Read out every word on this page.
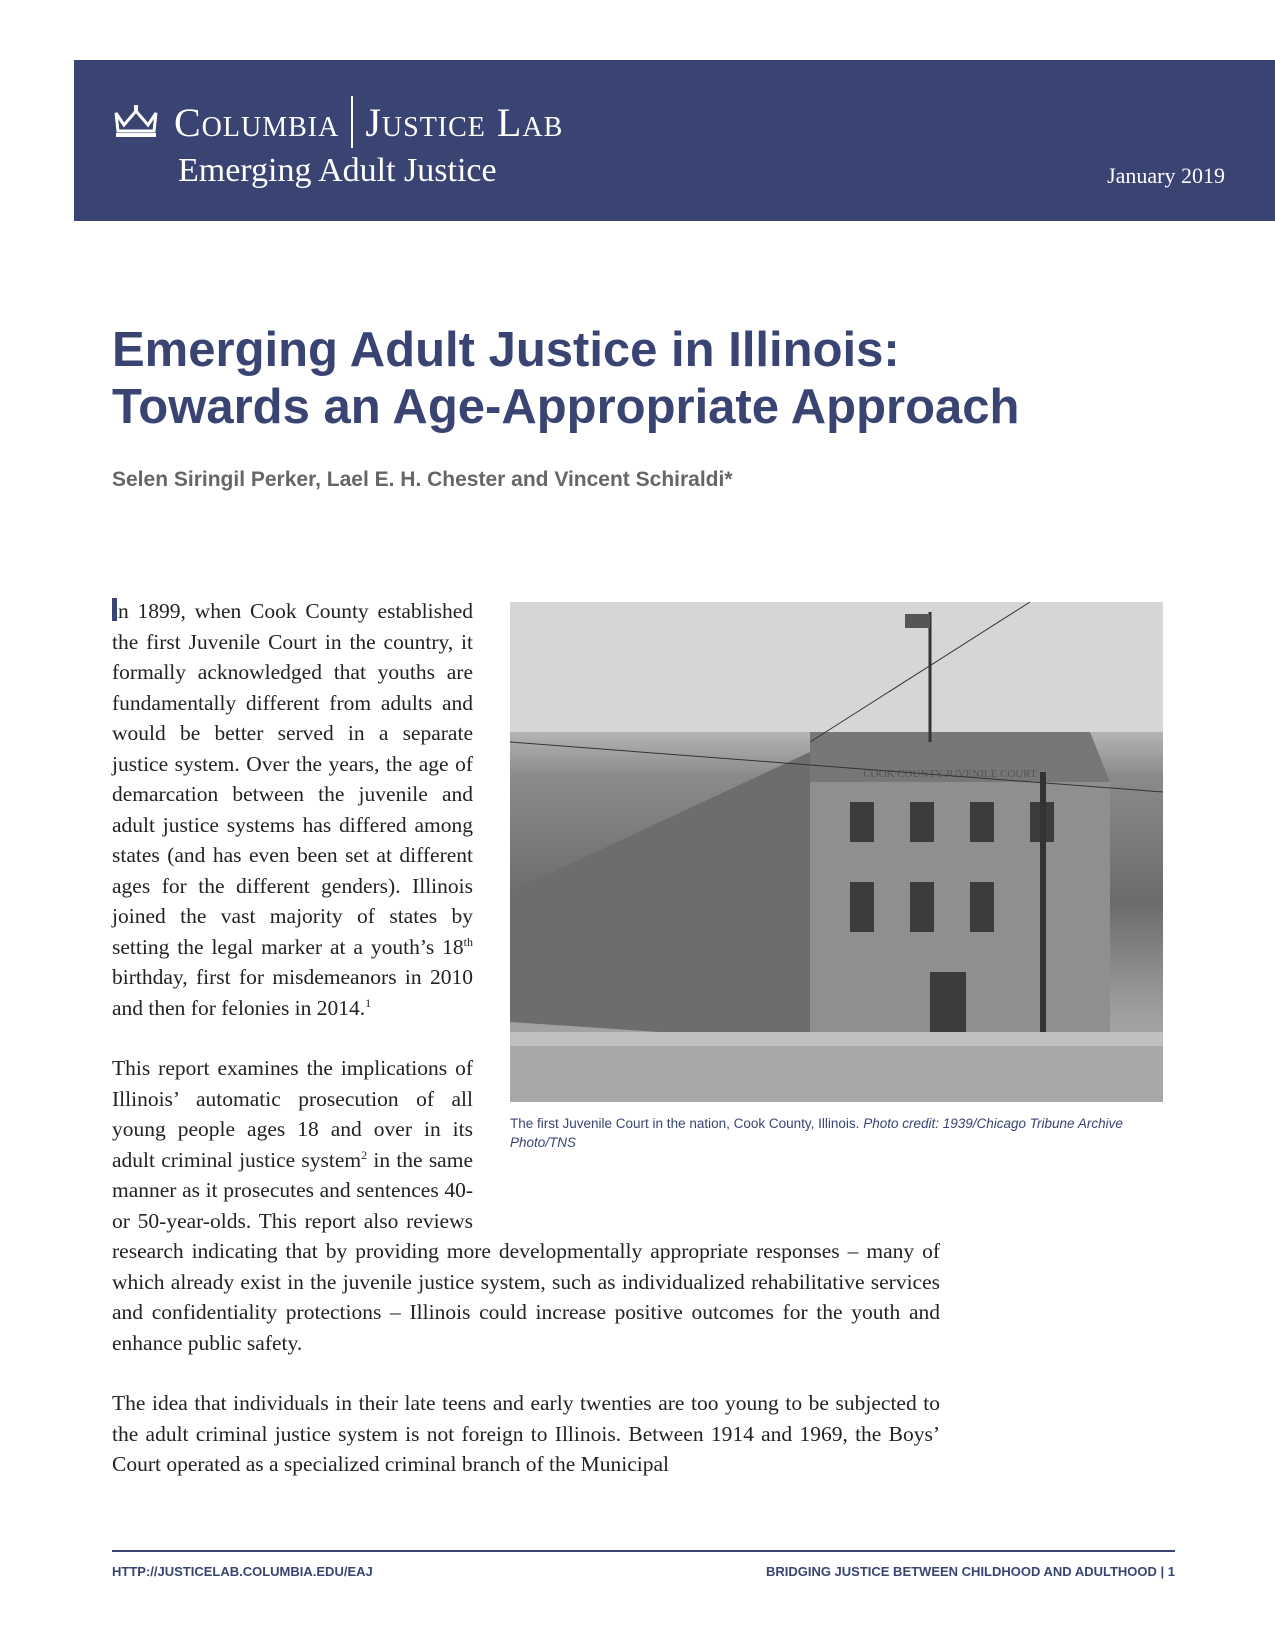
Columbia Justice Lab
Emerging Adult Justice	January 2019
Emerging Adult Justice in Illinois:
Towards an Age-Appropriate Approach
Selen Siringil Perker, Lael E. H. Chester and Vincent Schiraldi*
COOK COUNTY JUVENILE COURT
The first Juvenile Court in the nation, Cook County, Illinois. Photo credit: 1939/Chicago Tribune Archive Photo/TNS

n 1899, when Cook County established the first Juvenile Court in the country, it formally acknowledged that youths are fundamentally different from adults and would be better served in a separate justice system. Over the years, the age of demarcation between the juvenile and adult justice systems has differed among states (and has even been set at different ages for the different genders). Illinois joined the vast majority of states by setting the legal marker at a youth’s 18th birthday, first for misdemeanors in 2010 and then for felonies in 2014.$^1$

This report examines the implications of Illinois’ automatic prosecution of all young people ages 18 and over in its adult criminal justice system$^2$ in the same manner as it prosecutes and sentences 40- or 50-year-olds. This report also reviews research indicating that by providing more developmentally appropriate responses – many of which already exist in the juvenile justice system, such as individualized rehabilitative services and confidentiality protections – Illinois could increase positive outcomes for the youth and enhance public safety.

The idea that individuals in their late teens and early twenties are too young to be subjected to the adult criminal justice system is not foreign to Illinois. Between 1914 and 1969, the Boys’ Court operated as a specialized criminal branch of the Municipal

HTTP://JUSTICELAB.COLUMBIA.EDU/EAJ	BRIDGING JUSTICE BETWEEN CHILDHOOD AND ADULTHOOD | 1
